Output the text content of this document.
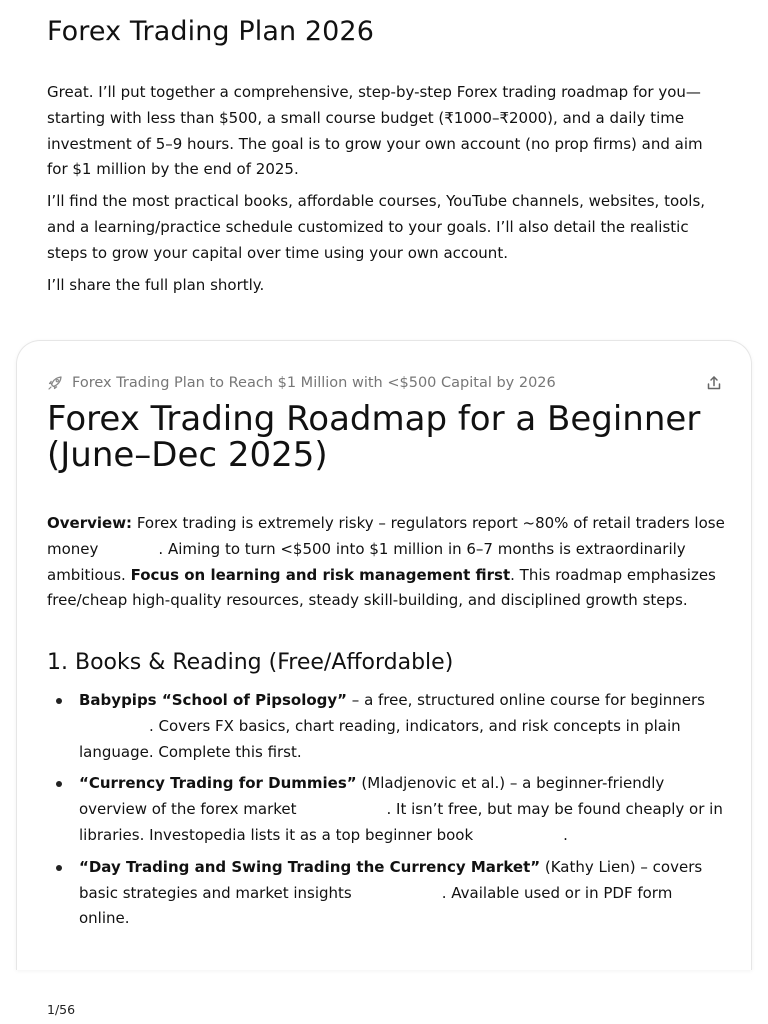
Forex Trading Plan 2026

Great. I’ll put together a comprehensive, step-by-step Forex trading roadmap for you—starting with less than $500, a small course budget (₹1000–₹2000), and a daily time investment of 5–9 hours. The goal is to grow your own account (no prop firms) and aim for $1 million by the end of 2025.

I’ll find the most practical books, affordable courses, YouTube channels, websites, tools, and a learning/practice schedule customized to your goals. I’ll also detail the realistic steps to grow your capital over time using your own account.

I’ll share the full plan shortly.

Forex Trading Plan to Reach $1 Million with <$500 Capital by 2026
Forex Trading Roadmap for a Beginner (June–Dec 2025)

Overview: Forex trading is extremely risky – regulators report ~80% of retail traders lose money	. Aiming to turn <$500 into $1 million in 6–7 months is extraordinarily ambitious. Focus on learning and risk management first. This roadmap emphasizes free/cheap high-quality resources, steady skill-building, and disciplined growth steps.

1. Books & Reading (Free/Affordable)
Babypips “School of Pipsology” – a free, structured online course for beginners. Covers FX basics, chart reading, indicators, and risk concepts in plain language. Complete this first.
“Currency Trading for Dummies” (Mladjenovic et al.) – a beginner-friendly overview of the forex market	. It isn’t free, but may be found cheaply or in libraries. Investopedia lists it as a top beginner book	.
“Day Trading and Swing Trading the Currency Market” (Kathy Lien) – covers basic strategies and market insights	. Available used or in PDF form online.
1/56
